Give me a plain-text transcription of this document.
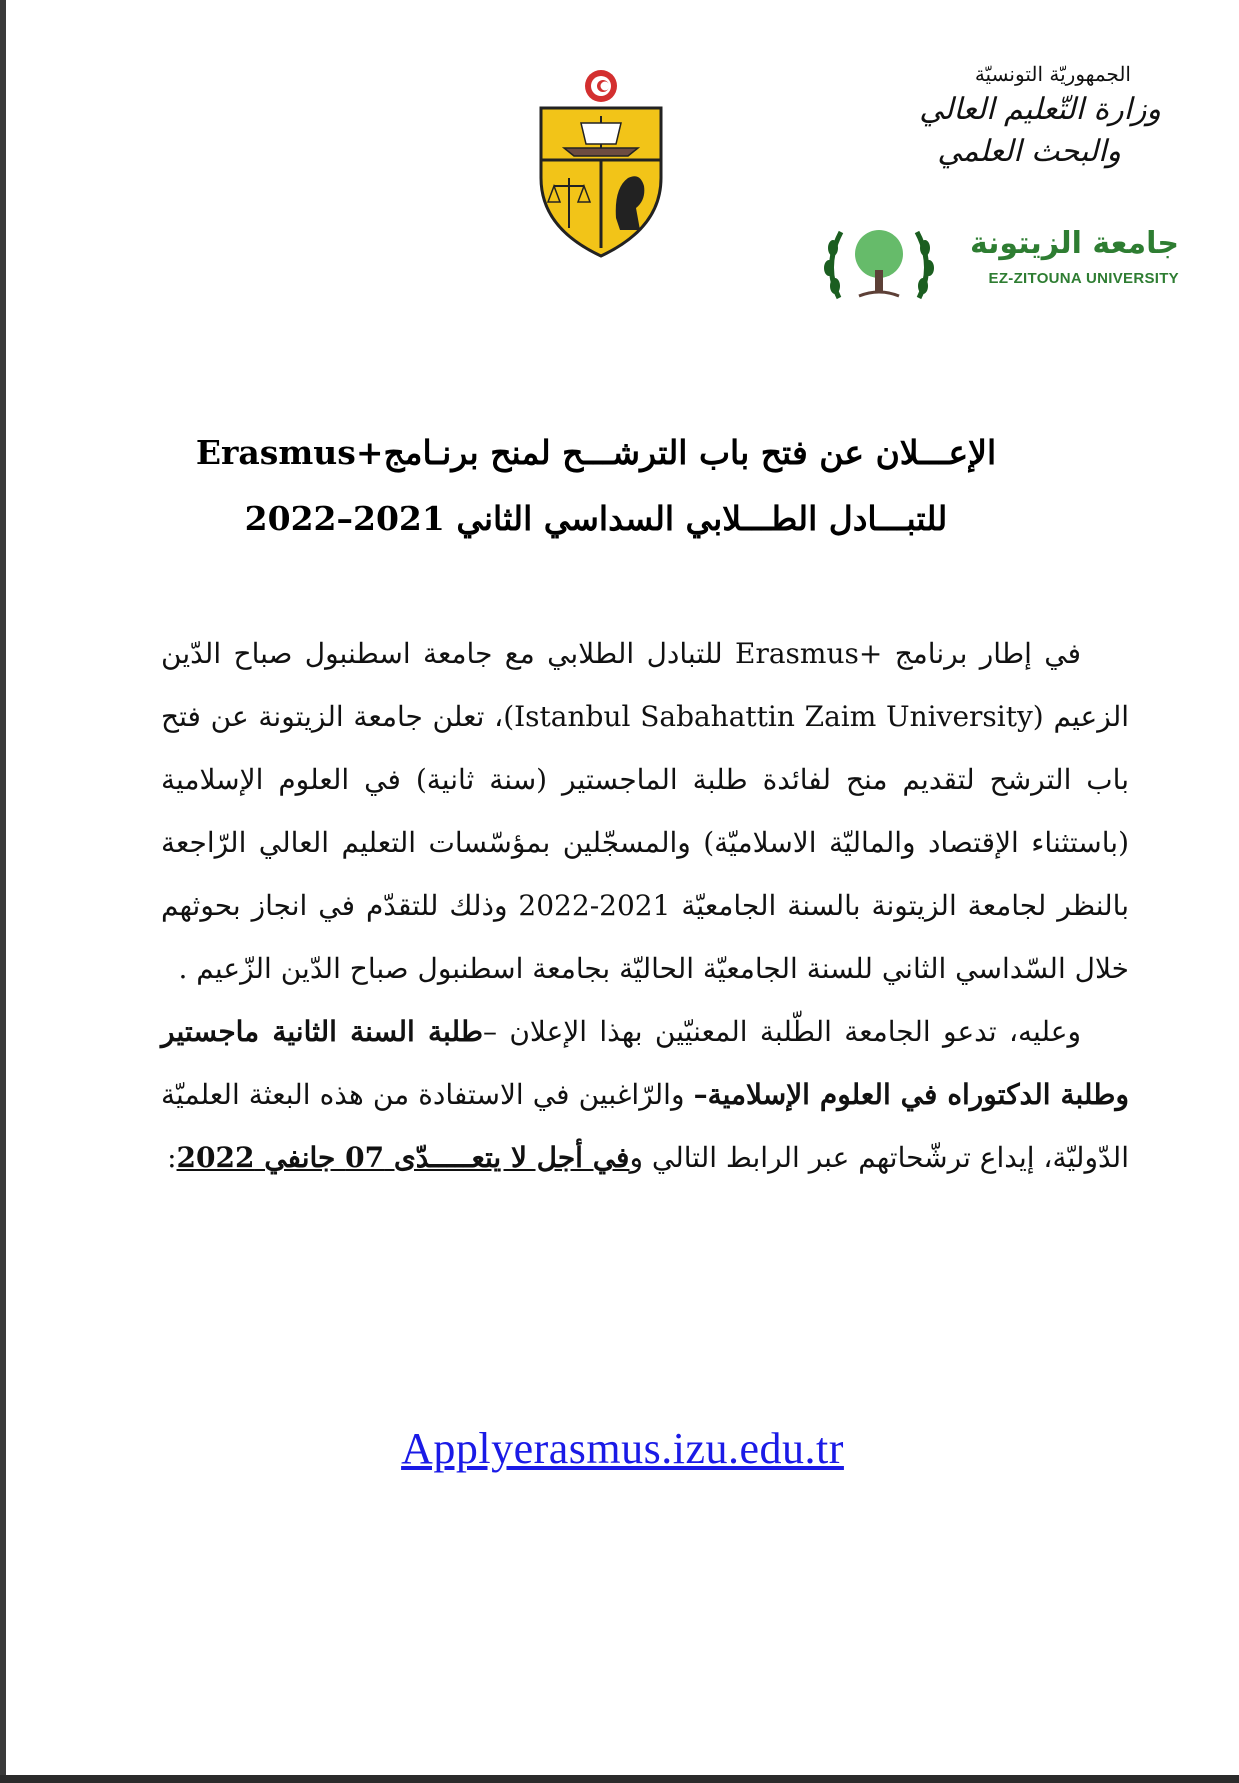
الجمهوريّة التونسيّة
وزارة التّعليم العالي
والبحث العلمي
جامعة الزيتونة
EZ-ZITOUNA UNIVERSITY
الإعـــلان عن فتح باب الترشـــح لمنح برنـامج+Erasmus
للتبـــادل الطـــلابي السداسي الثاني 2021–2022

في إطار برنامج +Erasmus للتبادل الطلابي مع جامعة اسطنبول صباح الدّين الزعيم (Istanbul Sabahattin Zaim University)، تعلن جامعة الزيتونة عن فتح باب الترشح لتقديم منح لفائدة طلبة الماجستير (سنة ثانية) في العلوم الإسلامية (باستثناء الإقتصاد والماليّة الاسلاميّة) والمسجّلين بمؤسّسات التعليم العالي الرّاجعة بالنظر لجامعة الزيتونة بالسنة الجامعيّة 2021-2022 وذلك للتقدّم في انجاز بحوثهم خلال السّداسي الثاني للسنة الجامعيّة الحاليّة بجامعة اسطنبول صباح الدّين الزّعيم .

وعليه، تدعو الجامعة الطّلبة المعنيّين بهذا الإعلان –طلبة السنة الثانية ماجستير وطلبة الدكتوراه في العلوم الإسلامية– والرّاغبين في الاستفادة من هذه البعثة العلميّة الدّوليّة، إيداع ترشّحاتهم عبر الرابط التالي وفي أجل لا يتعـــــدّى 07 جانفي 2022:

Applyerasmus.izu.edu.tr
